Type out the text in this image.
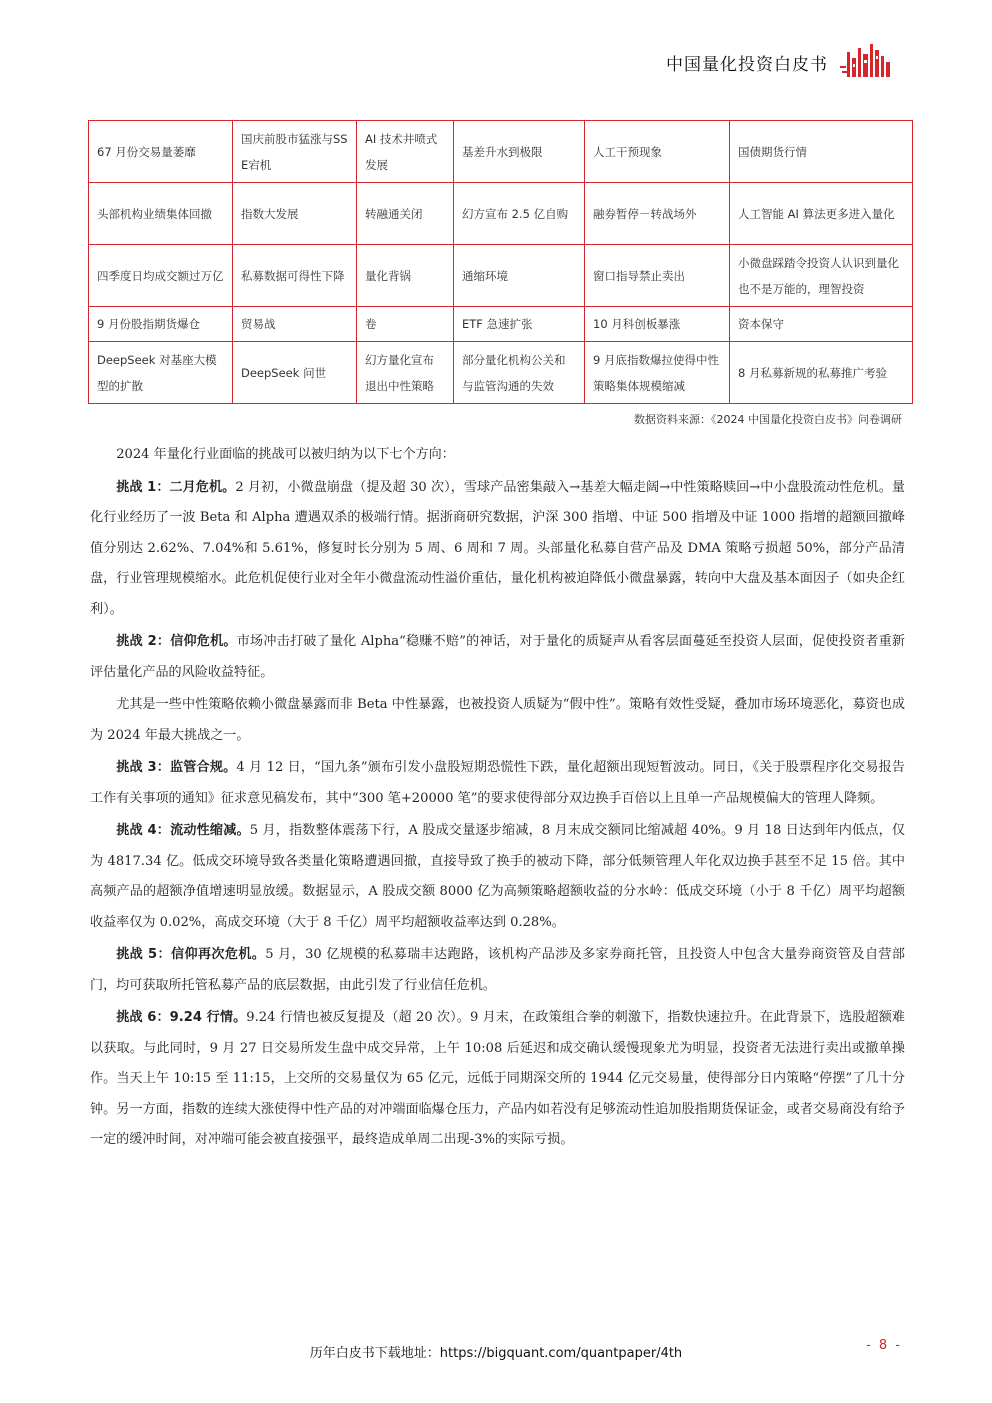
中国量化投资白皮书
67 月份交易量萎靡	国庆前股市猛涨与SSE宕机	AI 技术井喷式发展	基差升水到极限	人工干预现象	国债期货行情
头部机构业绩集体回撤	指数大发展	转融通关闭	幻方宣布 2.5 亿自购	融券暂停－转战场外	人工智能 AI 算法更多进入量化
四季度日均成交额过万亿	私募数据可得性下降	量化背锅	通缩环境	窗口指导禁止卖出	小微盘踩踏令投资人认识到量化也不是万能的，理智投资
9 月份股指期货爆仓	贸易战	卷	ETF 急速扩张	10 月科创板暴涨	资本保守
DeepSeek 对基座大模型的扩散	DeepSeek 问世	幻方量化宣布退出中性策略	部分量化机构公关和与监管沟通的失效	9 月底指数爆拉使得中性策略集体规模缩减	8 月私募新规的私募推广考验
数据资料来源：《2024 中国量化投资白皮书》问卷调研

2024 年量化行业面临的挑战可以被归纳为以下七个方向：

挑战 1：二月危机。2 月初，小微盘崩盘（提及超 30 次），雪球产品密集敲入→基差大幅走阔→中性策略赎回→中小盘股流动性危机。量化行业经历了一波 Beta 和 Alpha 遭遇双杀的极端行情。据浙商研究数据，沪深 300 指增、中证 500 指增及中证 1000 指增的超额回撤峰值分别达 2.62%、7.04%和 5.61%，修复时长分别为 5 周、6 周和 7 周。头部量化私募自营产品及 DMA 策略亏损超 50%，部分产品清盘，行业管理规模缩水。此危机促使行业对全年小微盘流动性溢价重估，量化机构被迫降低小微盘暴露，转向中大盘及基本面因子（如央企红利）。

挑战 2：信仰危机。市场冲击打破了量化 Alpha“稳赚不赔”的神话，对于量化的质疑声从看客层面蔓延至投资人层面，促使投资者重新评估量化产品的风险收益特征。

尤其是一些中性策略依赖小微盘暴露而非 Beta 中性暴露，也被投资人质疑为“假中性”。策略有效性受疑，叠加市场环境恶化，募资也成为 2024 年最大挑战之一。

挑战 3：监管合规。4 月 12 日，“国九条”颁布引发小盘股短期恐慌性下跌，量化超额出现短暂波动。同日，《关于股票程序化交易报告工作有关事项的通知》征求意见稿发布，其中“300 笔+20000 笔”的要求使得部分双边换手百倍以上且单一产品规模偏大的管理人降频。

挑战 4：流动性缩减。5 月，指数整体震荡下行，A 股成交量逐步缩减，8 月末成交额同比缩减超 40%。9 月 18 日达到年内低点，仅为 4817.34 亿。低成交环境导致各类量化策略遭遇回撤，直接导致了换手的被动下降，部分低频管理人年化双边换手甚至不足 15 倍。其中高频产品的超额净值增速明显放缓。数据显示，A 股成交额 8000 亿为高频策略超额收益的分水岭：低成交环境（小于 8 千亿）周平均超额收益率仅为 0.02%，高成交环境（大于 8 千亿）周平均超额收益率达到 0.28%。

挑战 5：信仰再次危机。5 月，30 亿规模的私募瑞丰达跑路，该机构产品涉及多家券商托管，且投资人中包含大量券商资管及自营部门，均可获取所托管私募产品的底层数据，由此引发了行业信任危机。

挑战 6：9.24 行情。9.24 行情也被反复提及（超 20 次）。9 月末，在政策组合拳的刺激下，指数快速拉升。在此背景下，选股超额难以获取。与此同时，9 月 27 日交易所发生盘中成交异常，上午 10:08 后延迟和成交确认缓慢现象尤为明显，投资者无法进行卖出或撤单操作。当天上午 10:15 至 11:15，上交所的交易量仅为 65 亿元，远低于同期深交所的 1944 亿元交易量，使得部分日内策略“停摆”了几十分钟。另一方面，指数的连续大涨使得中性产品的对冲端面临爆仓压力，产品内如若没有足够流动性追加股指期货保证金，或者交易商没有给予一定的缓冲时间，对冲端可能会被直接强平，最终造成单周二出现-3%的实际亏损。

历年白皮书下载地址：https://bigquant.com/quantpaper/4th
- 8 -
